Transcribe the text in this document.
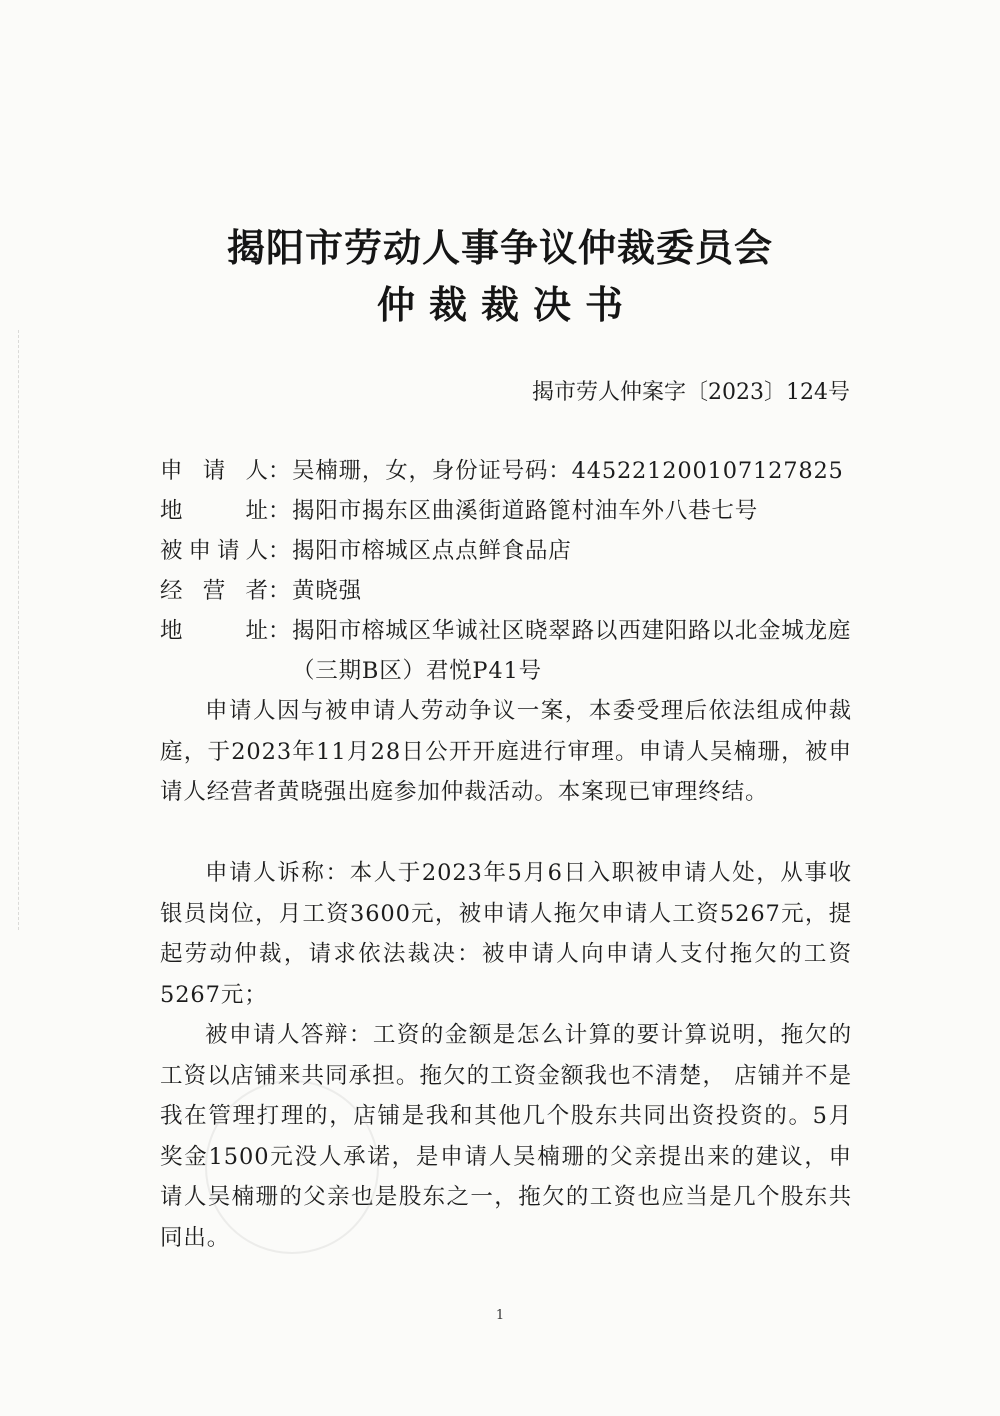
揭阳市劳动人事争议仲裁委员会
仲裁裁决书
揭市劳人仲案字〔2023〕124号
申请人：吴楠珊，女，身份证号码：445221200107127825
地址：揭阳市揭东区曲溪街道路篦村油车外八巷七号
被申请人：揭阳市榕城区点点鲜食品店
经营者：黄晓强
地址：揭阳市榕城区华诚社区晓翠路以西建阳路以北金城龙庭（三期B区）君悦P41号
申请人因与被申请人劳动争议一案，本委受理后依法组成仲裁庭，于2023年11月28日公开开庭进行审理。申请人吴楠珊，被申请人经营者黄晓强出庭参加仲裁活动。本案现已审理终结。
申请人诉称：本人于2023年5月6日入职被申请人处，从事收银员岗位，月工资3600元，被申请人拖欠申请人工资5267元，提起劳动仲裁，请求依法裁决：被申请人向申请人支付拖欠的工资5267元；
被申请人答辩：工资的金额是怎么计算的要计算说明，拖欠的工资以店铺来共同承担。拖欠的工资金额我也不清楚， 店铺并不是我在管理打理的，店铺是我和其他几个股东共同出资投资的。5月奖金1500元没人承诺，是申请人吴楠珊的父亲提出来的建议，申请人吴楠珊的父亲也是股东之一，拖欠的工资也应当是几个股东共同出。
1
